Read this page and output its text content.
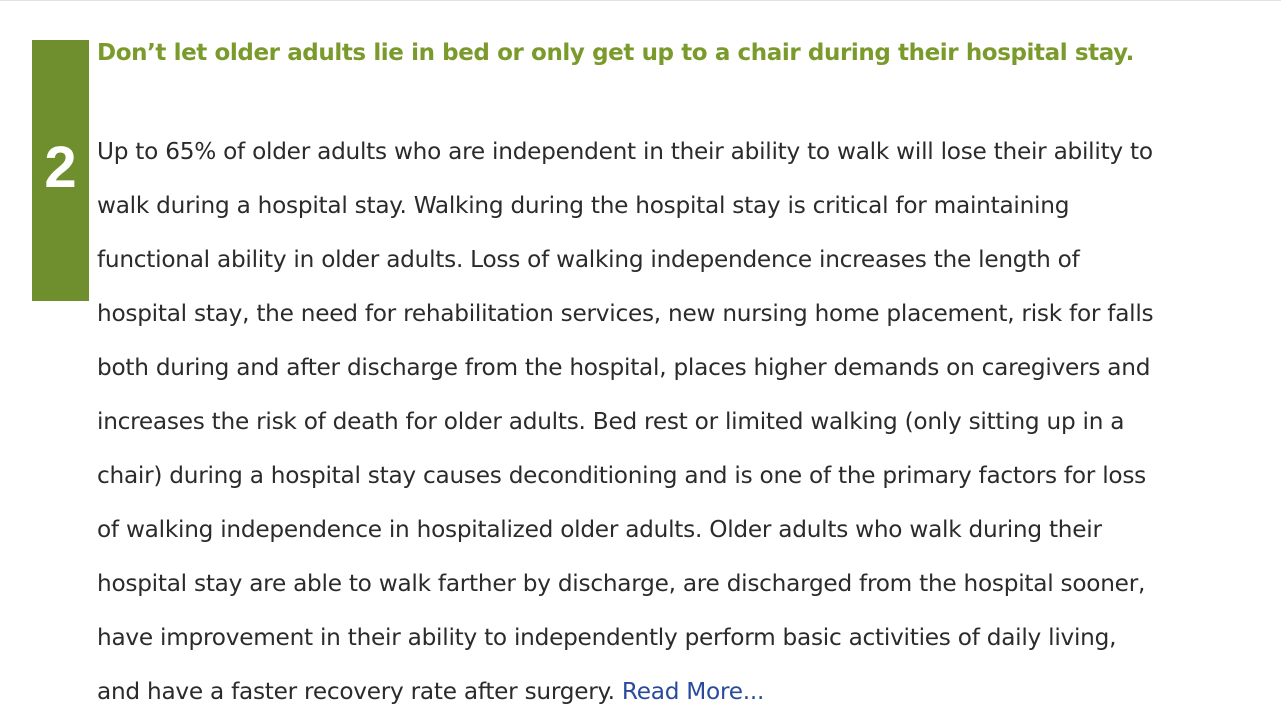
2
Don’t let older adults lie in bed or only get up to a chair during their hospital stay.

Up to 65% of older adults who are independent in their ability to walk will lose their ability to
walk during a hospital stay. Walking during the hospital stay is critical for maintaining
functional ability in older adults. Loss of walking independence increases the length of
hospital stay, the need for rehabilitation services, new nursing home placement, risk for falls
both during and after discharge from the hospital, places higher demands on caregivers and
increases the risk of death for older adults. Bed rest or limited walking (only sitting up in a
chair) during a hospital stay causes deconditioning and is one of the primary factors for loss
of walking independence in hospitalized older adults. Older adults who walk during their
hospital stay are able to walk farther by discharge, are discharged from the hospital sooner,
have improvement in their ability to independently perform basic activities of daily living,
and have a faster recovery rate after surgery. Read More...
